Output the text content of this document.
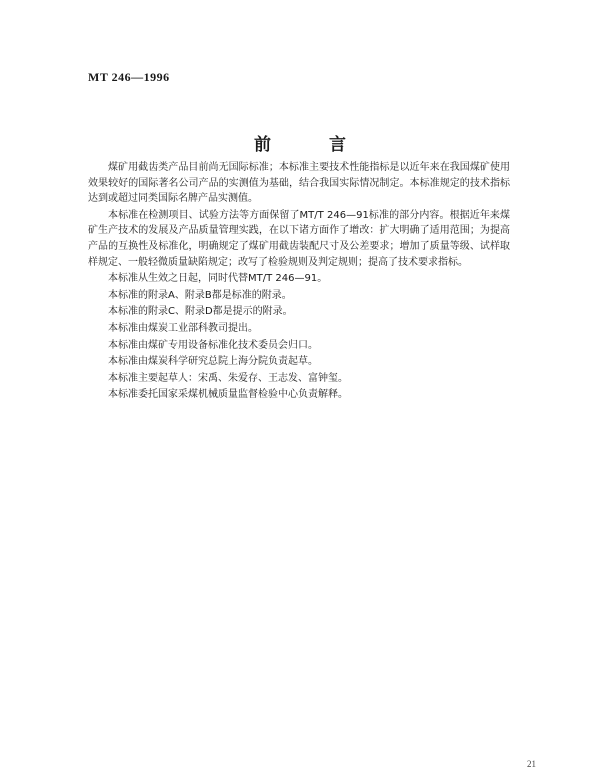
MT 246—1996
前 言

煤矿用截齿类产品目前尚无国际标准；本标准主要技术性能指标是以近年来在我国煤矿使用效果较好的国际著名公司产品的实测值为基础，结合我国实际情况制定。本标准规定的技术指标达到或超过同类国际名牌产品实测值。

本标准在检测项目、试验方法等方面保留了MT/T 246—91标准的部分内容。根据近年来煤矿生产技术的发展及产品质量管理实践，在以下诸方面作了增改：扩大明确了适用范围；为提高产品的互换性及标准化，明确规定了煤矿用截齿装配尺寸及公差要求；增加了质量等级、试样取样规定、一般轻微质量缺陷规定；改写了检验规则及判定规则；提高了技术要求指标。

本标准从生效之日起，同时代替MT/T 246—91。

本标准的附录A、附录B都是标准的附录。

本标准的附录C、附录D都是提示的附录。

本标准由煤炭工业部科教司提出。

本标准由煤矿专用设备标准化技术委员会归口。

本标准由煤炭科学研究总院上海分院负责起草。

本标准主要起草人：宋禹、朱爱存、王志发、富钟玺。

本标准委托国家采煤机械质量监督检验中心负责解释。

21
